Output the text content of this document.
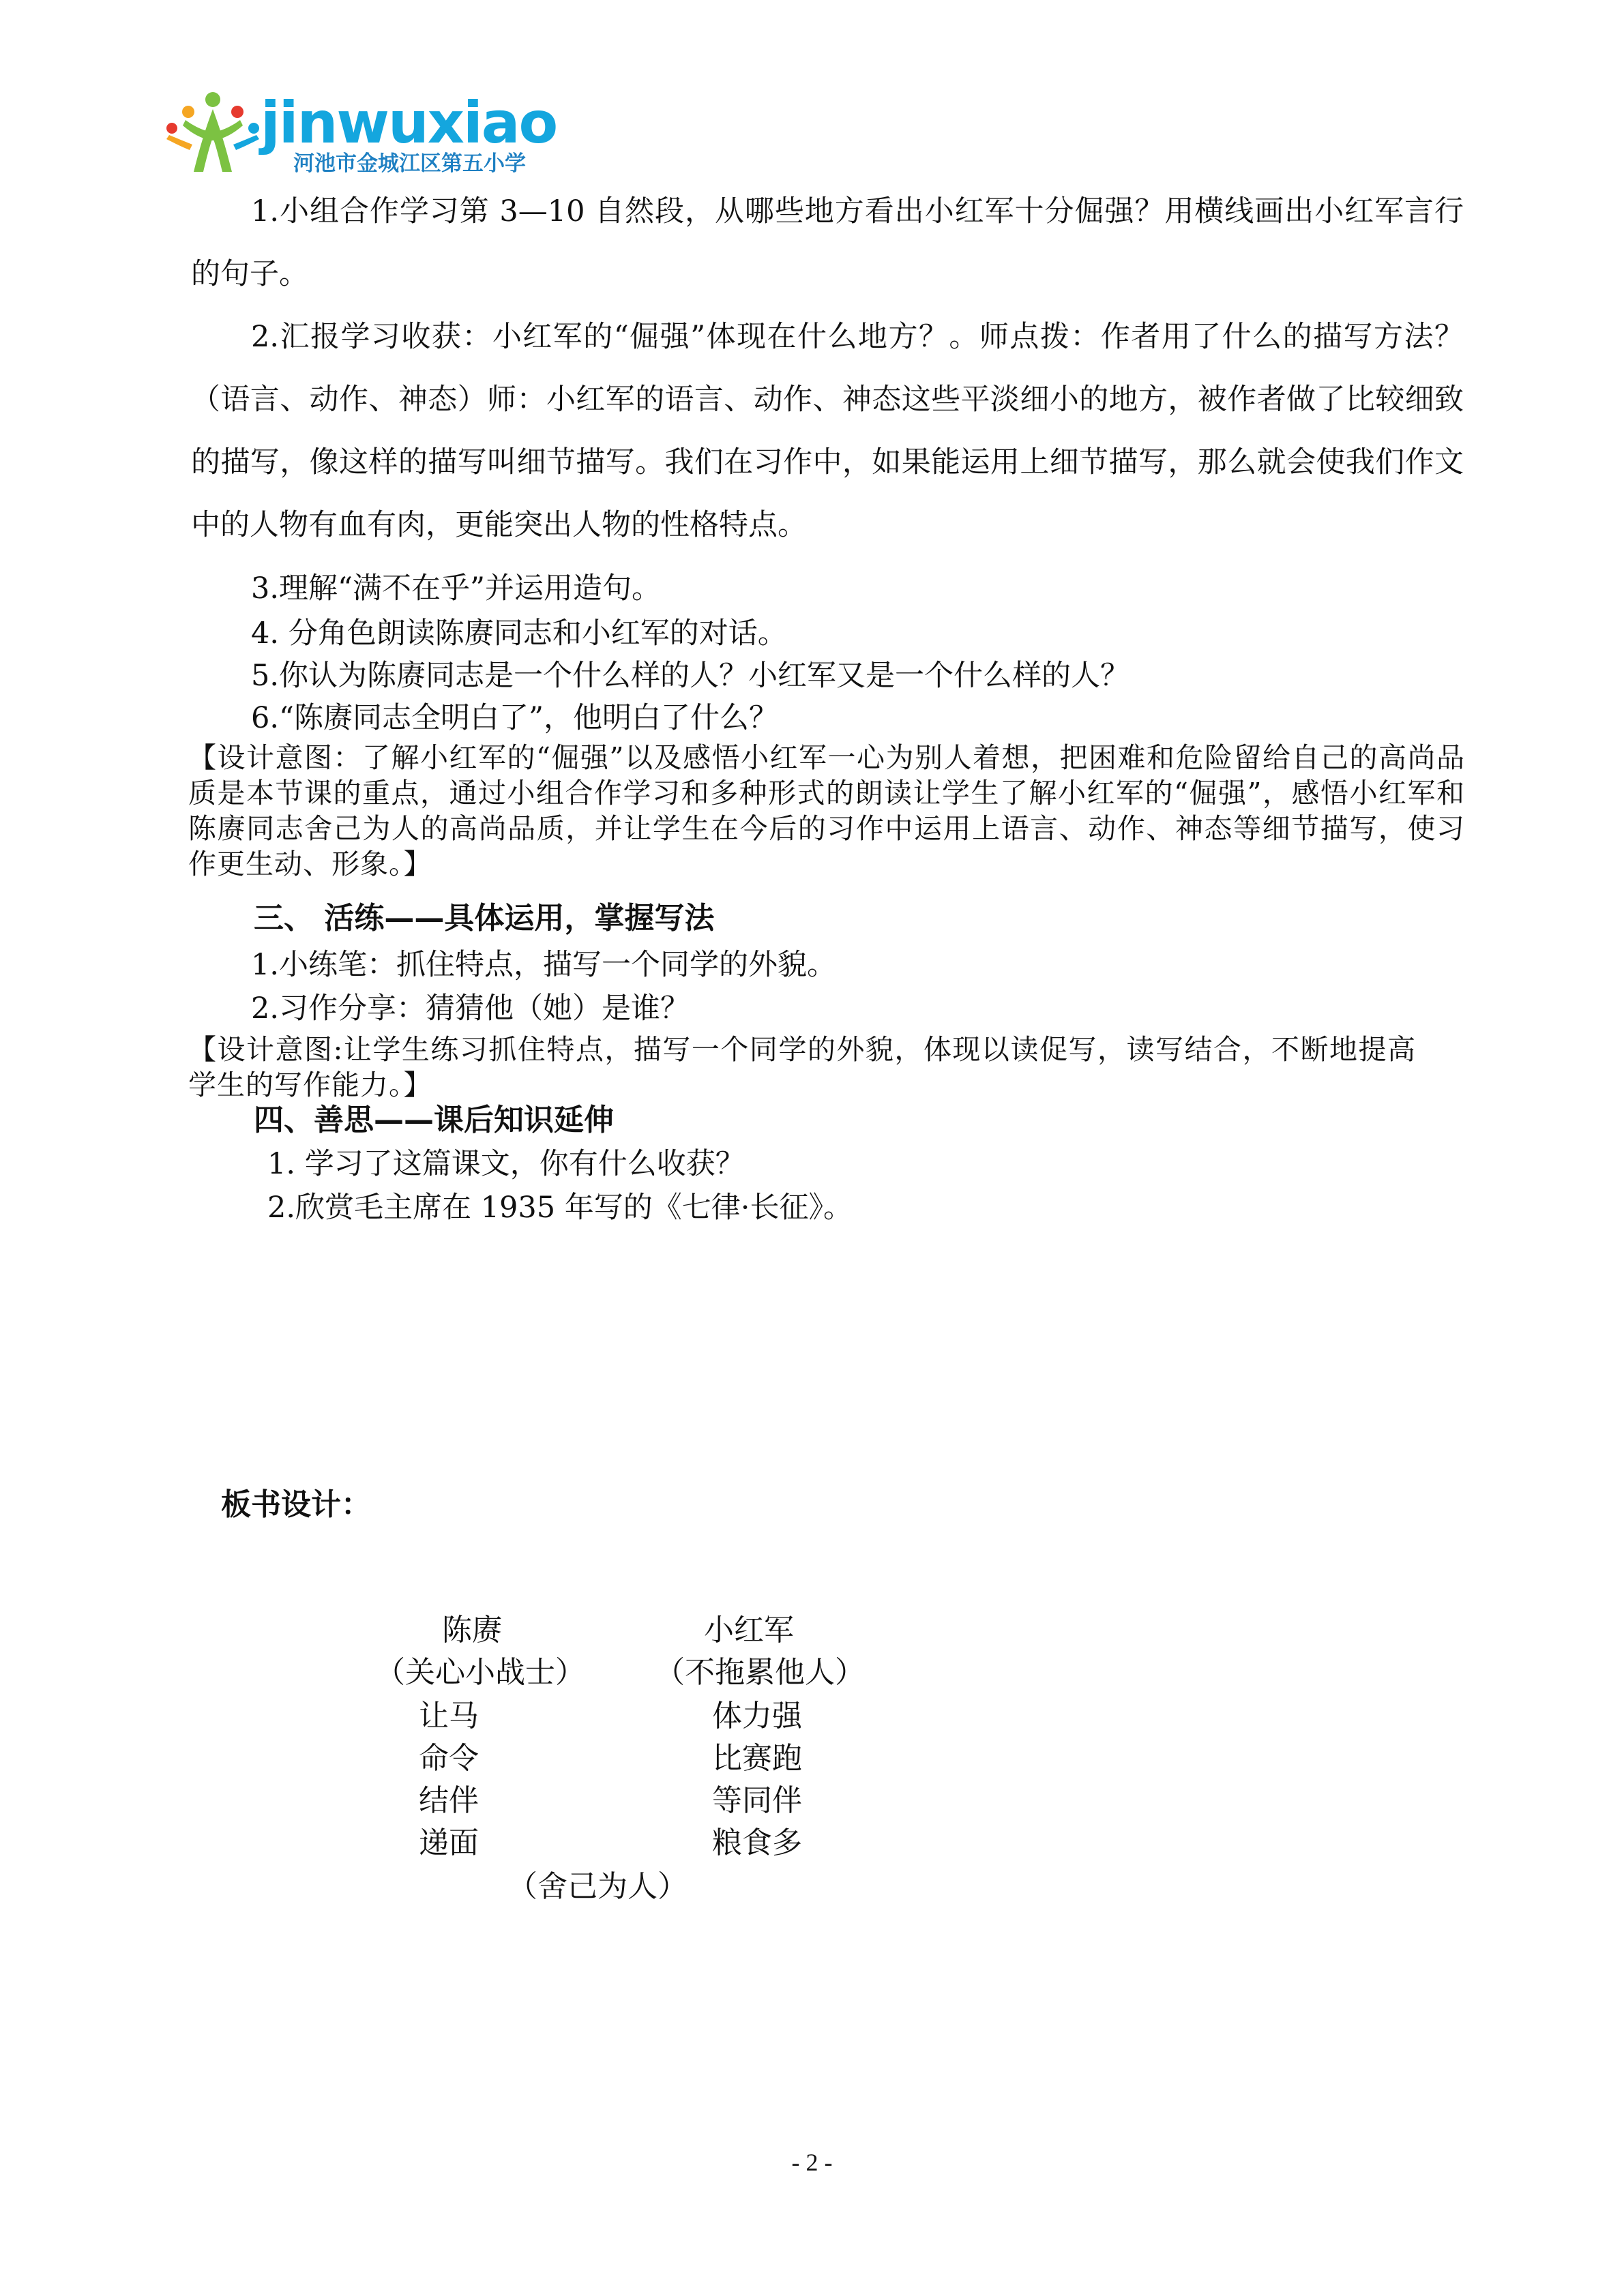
jinwuxiao
河池市金城江区第五小学
1.小组合作学习第 3—10 自然段，从哪些地方看出小红军十分倔强？用横线画出小红军言行的句子。
2.汇报学习收获：小红军的“倔强”体现在什么地方？。师点拨：作者用了什么的描写方法？（语言、动作、神态）师：小红军的语言、动作、神态这些平淡细小的地方，被作者做了比较细致的描写，像这样的描写叫细节描写。我们在习作中，如果能运用上细节描写，那么就会使我们作文中的人物有血有肉，更能突出人物的性格特点。
3.理解“满不在乎”并运用造句。
4. 分角色朗读陈赓同志和小红军的对话。
5.你认为陈赓同志是一个什么样的人？小红军又是一个什么样的人？
6.“陈赓同志全明白了”，他明白了什么？
【设计意图：了解小红军的“倔强”以及感悟小红军一心为别人着想，把困难和危险留给自己的高尚品质是本节课的重点，通过小组合作学习和多种形式的朗读让学生了解小红军的“倔强”，感悟小红军和陈赓同志舍己为人的高尚品质，并让学生在今后的习作中运用上语言、动作、神态等细节描写，使习作更生动、形象。】
三、 活练——具体运用，掌握写法
1.小练笔：抓住特点，描写一个同学的外貌。
2.习作分享：猜猜他（她）是谁？
【设计意图:让学生练习抓住特点，描写一个同学的外貌，体现以读促写，读写结合，不断地提高学生的写作能力。】
四、善思——课后知识延伸
1. 学习了这篇课文，你有什么收获？
2.欣赏毛主席在 1935 年写的《七律·长征》。
板书设计：
陈赓
（关心小战士）
让马
命令
结伴
递面
小红军
（不拖累他人）
体力强
比赛跑
等同伴
粮食多
（舍己为人）
- 2 -
